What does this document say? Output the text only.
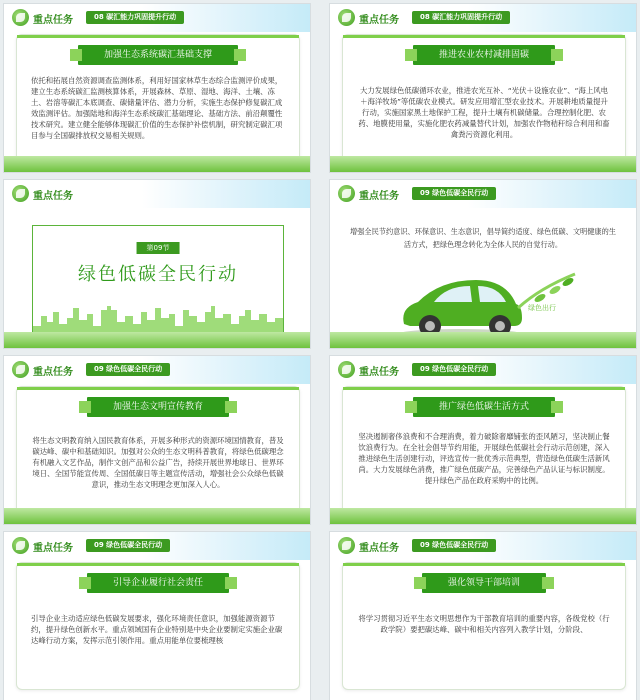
重点任务	08 碳汇能力巩固提升行动
加强生态系统碳汇基础支撑
依托和拓展自然资源调查监测体系，利用好国家林草生态综合监测评价成果，建立生态系统碳汇监测核算体系，开展森林、草原、湿地、海洋、土壤、冻土、岩溶等碳汇本底调查、碳储量评估、潜力分析，实施生态保护修复碳汇成效监测评估。加强陆地和海洋生态系统碳汇基础理论、基础方法、前沿颠覆性技术研究。建立健全能够体现碳汇价值的生态保护补偿机制，研究制定碳汇项目参与全国碳排放权交易相关规则。
重点任务	08 碳汇能力巩固提升行动
推进农业农村减排固碳
大力发展绿色低碳循环农业，推进农光互补、“光伏＋设施农业”、“海上风电＋海洋牧场”等低碳农业模式。研发应用增汇型农业技术。开展耕地质量提升行动，实施国家黑土地保护工程，提升土壤有机碳储量。合理控制化肥、农药、地膜使用量，实施化肥农药减量替代计划，加强农作物秸秆综合利用和畜禽粪污资源化利用。
重点任务
第09节
绿色低碳全民行动
重点任务	09 绿色低碳全民行动
增强全民节约意识、环保意识、生态意识，倡导简约适度、绿色低碳、文明健康的生活方式，把绿色理念转化为全体人民的自觉行动。
绿色出行
重点任务	09 绿色低碳全民行动
加强生态文明宣传教育
将生态文明教育纳入国民教育体系，开展多种形式的资源环境国情教育，普及碳达峰、碳中和基础知识。加强对公众的生态文明科普教育，将绿色低碳理念有机融入文艺作品，制作文创产品和公益广告，持续开展世界地球日、世界环境日、全国节能宣传周、全国低碳日等主题宣传活动，增强社会公众绿色低碳意识，推动生态文明理念更加深入人心。
重点任务	09 绿色低碳全民行动
推广绿色低碳生活方式
坚决遏制奢侈浪费和不合理消费，着力破除奢靡铺张的歪风陋习，坚决制止餐饮浪费行为。在全社会倡导节约用能，开展绿色低碳社会行动示范创建，深入推进绿色生活创建行动，评选宣传一批优秀示范典型，营造绿色低碳生活新风尚。大力发展绿色消费，推广绿色低碳产品，完善绿色产品认证与标识制度。提升绿色产品在政府采购中的比例。
重点任务	09 绿色低碳全民行动
引导企业履行社会责任
引导企业主动适应绿色低碳发展要求，强化环境责任意识，加强能源资源节约，提升绿色创新水平。重点领域国有企业特别是中央企业要制定实施企业碳达峰行动方案，发挥示范引领作用。重点用能单位要梳理核
重点任务	09 绿色低碳全民行动
强化领导干部培训
将学习贯彻习近平生态文明思想作为干部教育培训的重要内容，各级党校（行政学院）要把碳达峰、碳中和相关内容列入教学计划，分阶段、
